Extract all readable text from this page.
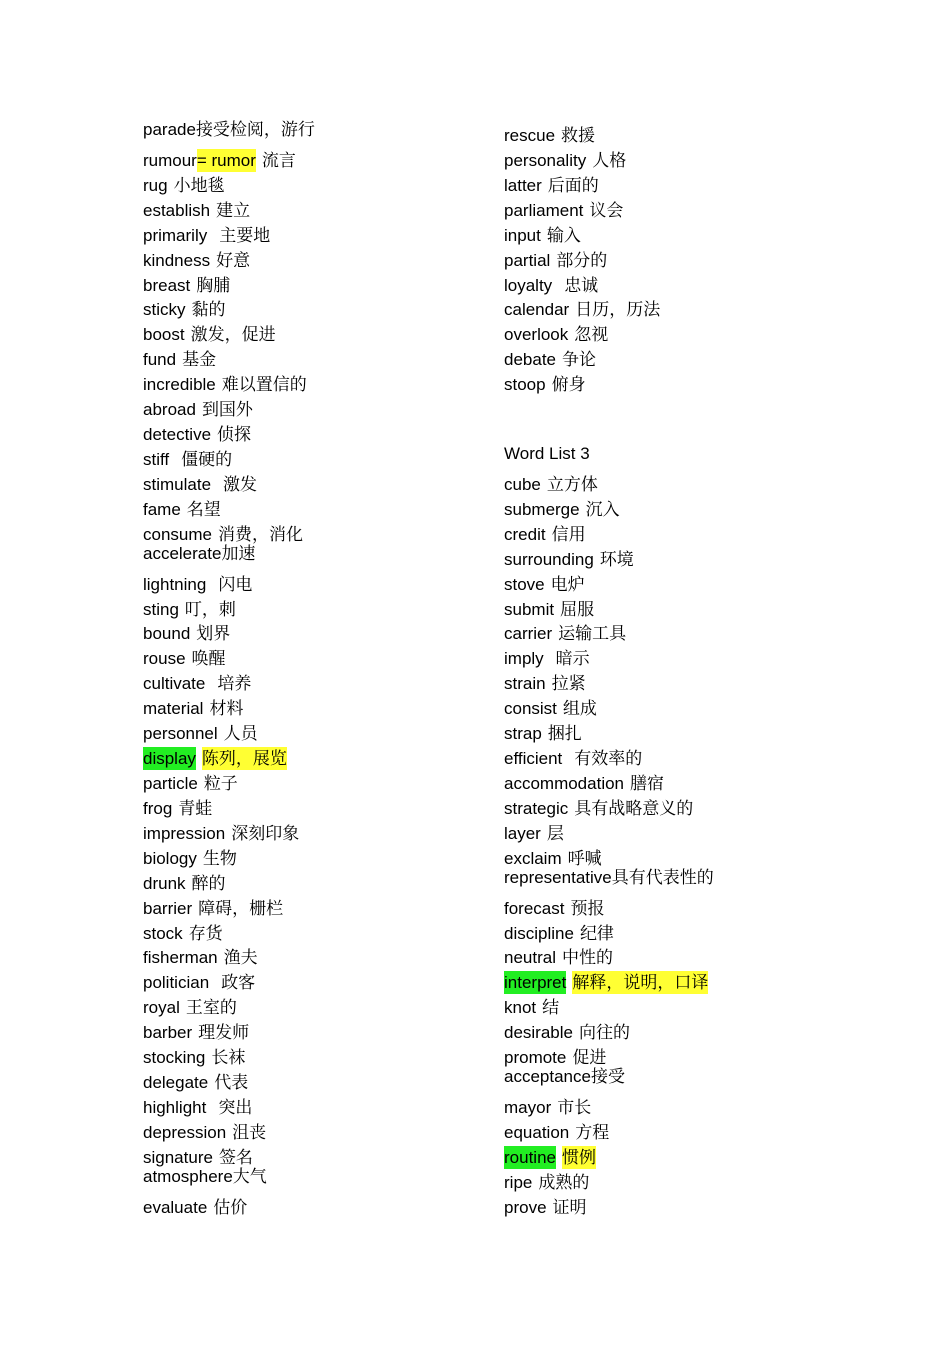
parade接受检阅，游行
rumour= rumor 流言
rug 小地毯
establish 建立
primarily 主要地
kindness 好意
breast 胸脯
sticky 黏的
boost 激发，促进
fund 基金
incredible 难以置信的
abroad 到国外
detective 侦探
stiff 僵硬的
stimulate 激发
fame 名望
consume 消费，消化
accelerate加速
lightning 闪电
sting 叮，刺
bound 划界
rouse 唤醒
cultivate 培养
material 材料
personnel 人员
display 陈列，展览
particle 粒子
frog 青蛙
impression 深刻印象
biology 生物
drunk 醉的
barrier 障碍，栅栏
stock 存货
fisherman 渔夫
politician 政客
royal 王室的
barber 理发师
stocking 长袜
delegate 代表
highlight 突出
depression 沮丧
signature 签名
atmosphere大气
evaluate 估价
rescue 救援
personality 人格
latter 后面的
parliament 议会
input 输入
partial 部分的
loyalty 忠诚
calendar 日历，历法
overlook 忽视
debate 争论
stoop 俯身
Word List 3
cube 立方体
submerge 沉入
credit 信用
surrounding 环境
stove 电炉
submit 屈服
carrier 运输工具
imply 暗示
strain 拉紧
consist 组成
strap 捆扎
efficient 有效率的
accommodation 膳宿
strategic 具有战略意义的
layer 层
exclaim 呼喊
representative具有代表性的
forecast 预报
discipline 纪律
neutral 中性的
interpret 解释，说明，口译
knot 结
desirable 向往的
promote 促进
acceptance接受
mayor 市长
equation 方程
routine 惯例
ripe 成熟的
prove 证明
